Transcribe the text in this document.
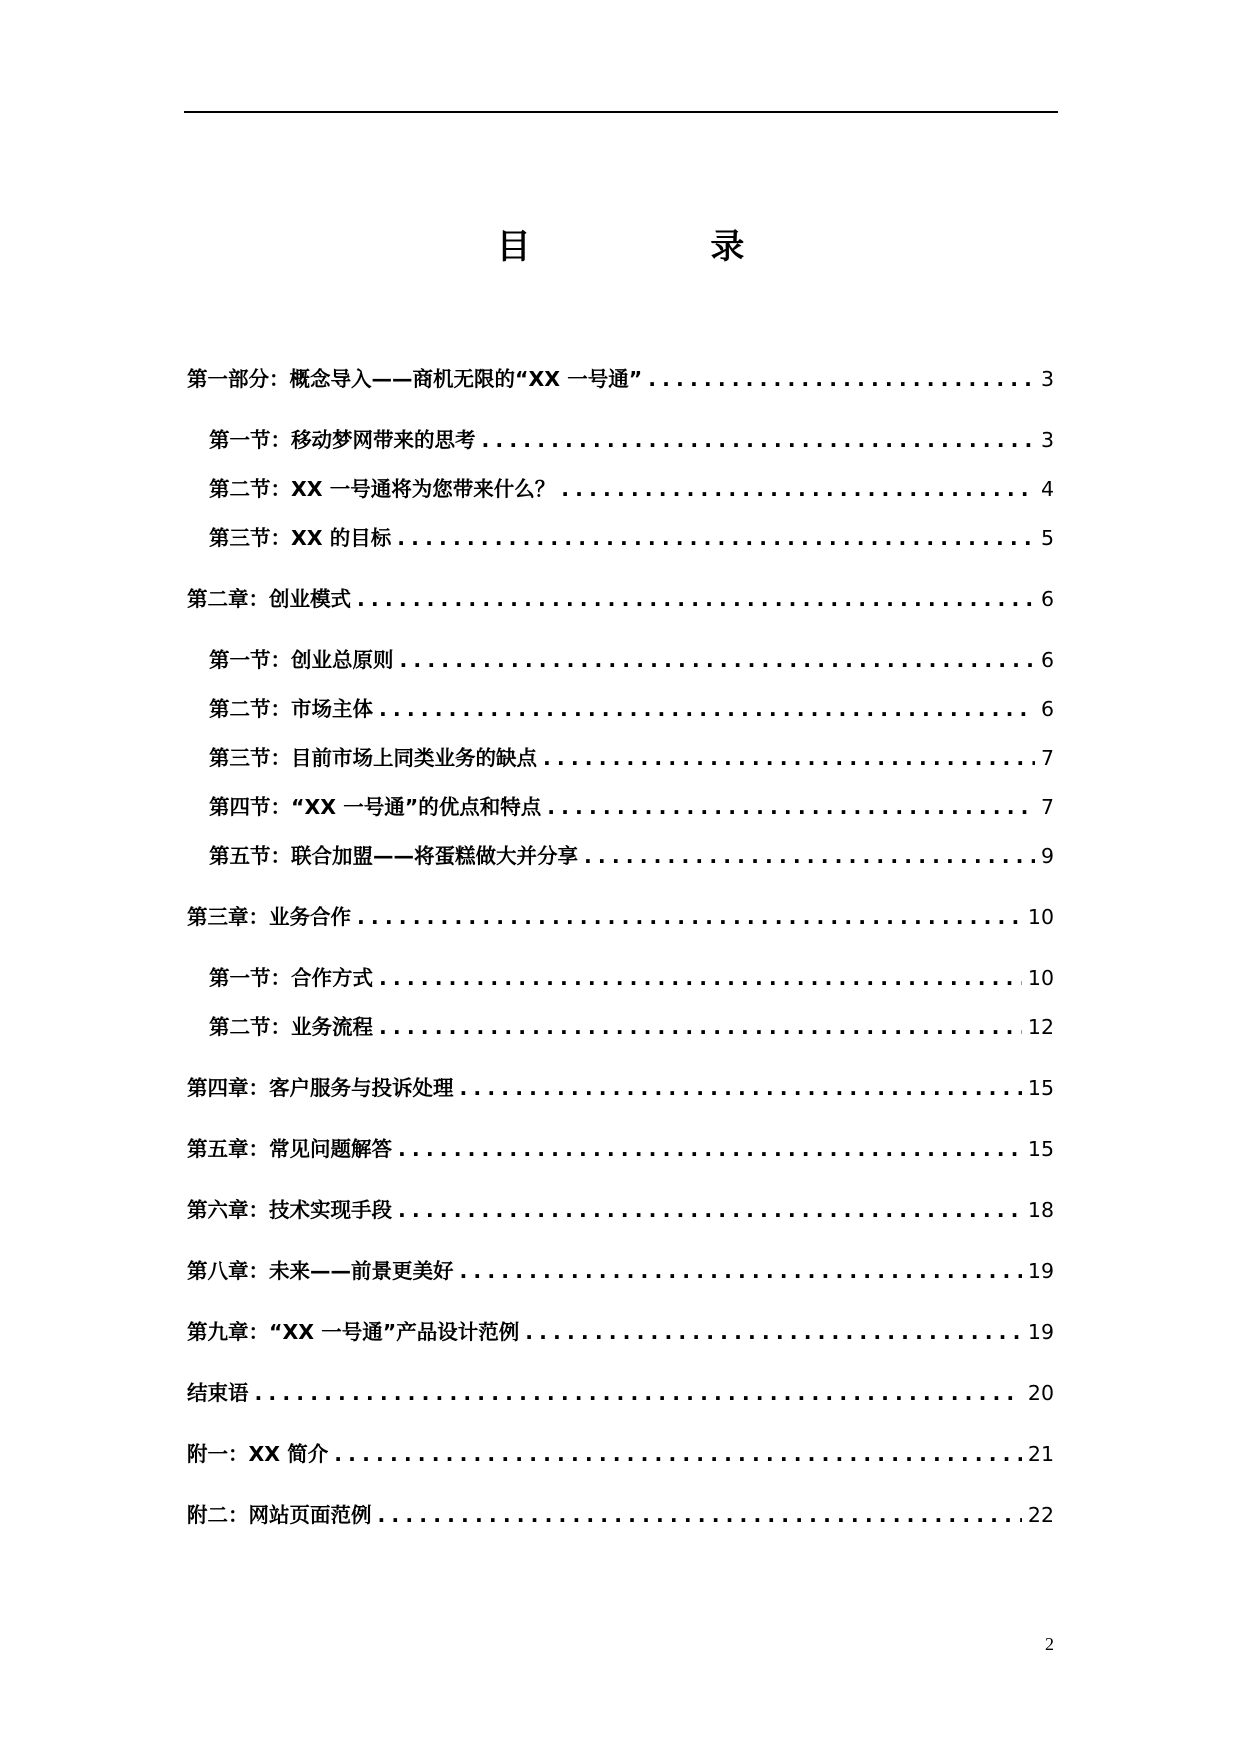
目 录
第一部分：概念导入——商机无限的“XX 一号通” . . .	3
第一节：移动梦网带来的思考 . . .	3
第二节：XX 一号通将为您带来什么？ . . .	4
第三节：XX 的目标 . . .	5
第二章：创业模式 . . .	6
第一节：创业总原则 . . .	6
第二节：市场主体 . . .	6
第三节：目前市场上同类业务的缺点 . . .	7
第四节：“XX 一号通”的优点和特点 . . .	7
第五节：联合加盟——将蛋糕做大并分享 . . .	9
第三章：业务合作 . . .	10
第一节：合作方式 . . .	10
第二节：业务流程 . . .	12
第四章：客户服务与投诉处理 . . .	15
第五章：常见问题解答 . . .	15
第六章：技术实现手段 . . .	18
第八章：未来——前景更美好 . . .	19
第九章：“XX 一号通”产品设计范例 . . .	19
结束语 . . .	20
附一：XX 简介 . . .	21
附二：网站页面范例 . . .	22
2
